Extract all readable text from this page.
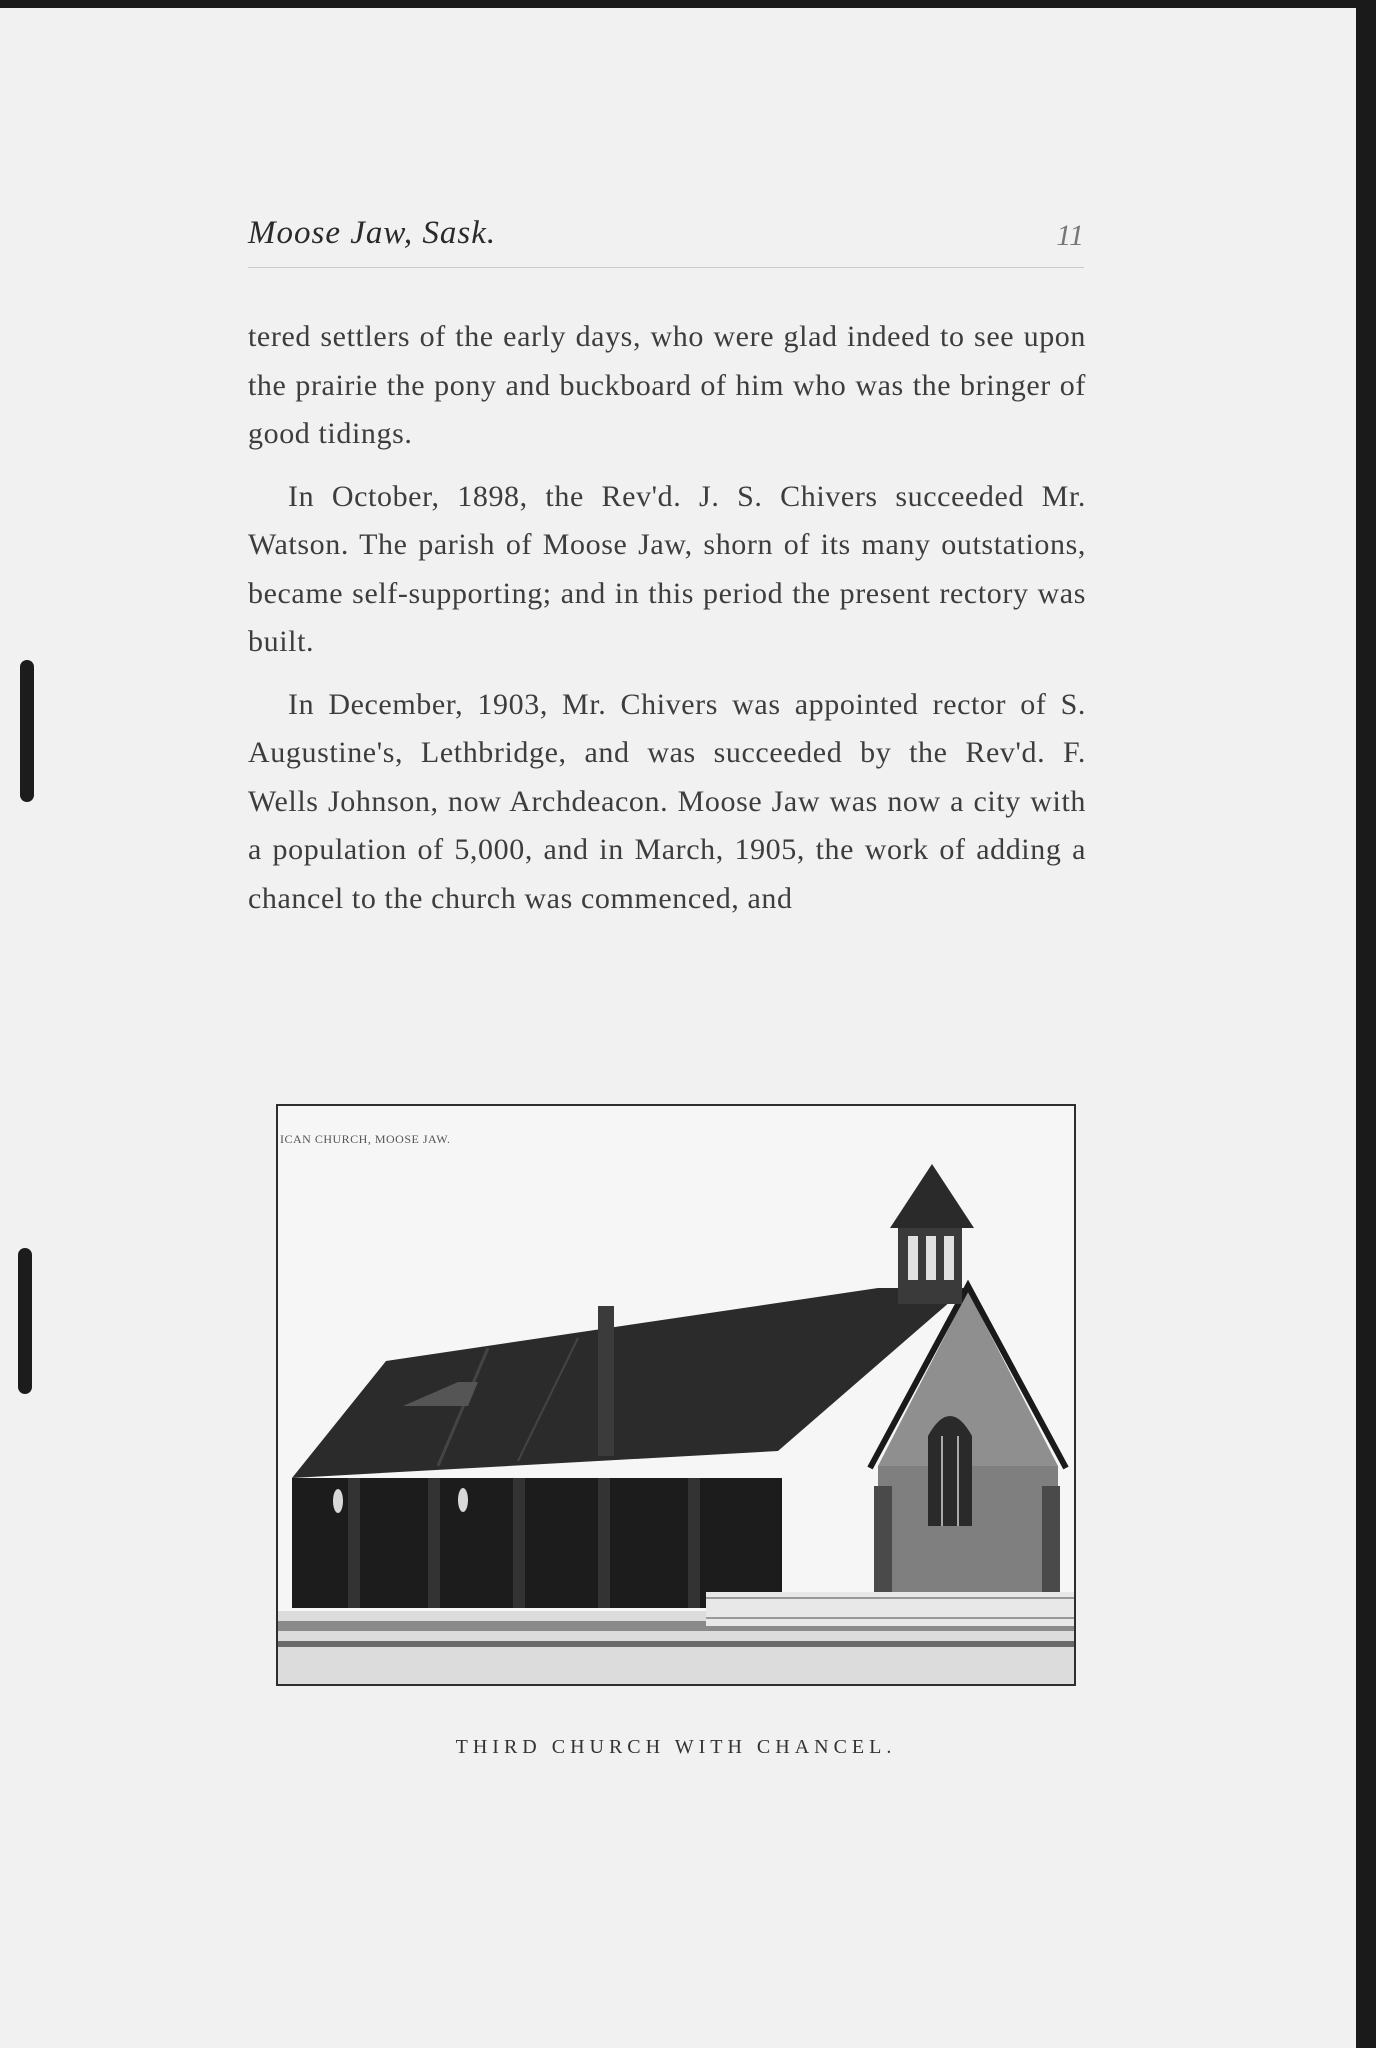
Moose Jaw, Sask.	11

tered settlers of the early days, who were glad indeed to see upon the prairie the pony and buckboard of him who was the bringer of good tidings.

In October, 1898, the Rev'd. J. S. Chivers succeeded Mr. Watson. The parish of Moose Jaw, shorn of its many outstations, became self-supporting; and in this period the present rectory was built.

In December, 1903, Mr. Chivers was appointed rector of S. Augustine's, Lethbridge, and was succeeded by the Rev'd. F. Wells Johnson, now Archdeacon. Moose Jaw was now a city with a population of 5,000, and in March, 1905, the work of adding a chancel to the church was commenced, and

ICAN CHURCH, MOOSE JAW.
THIRD CHURCH WITH CHANCEL.
